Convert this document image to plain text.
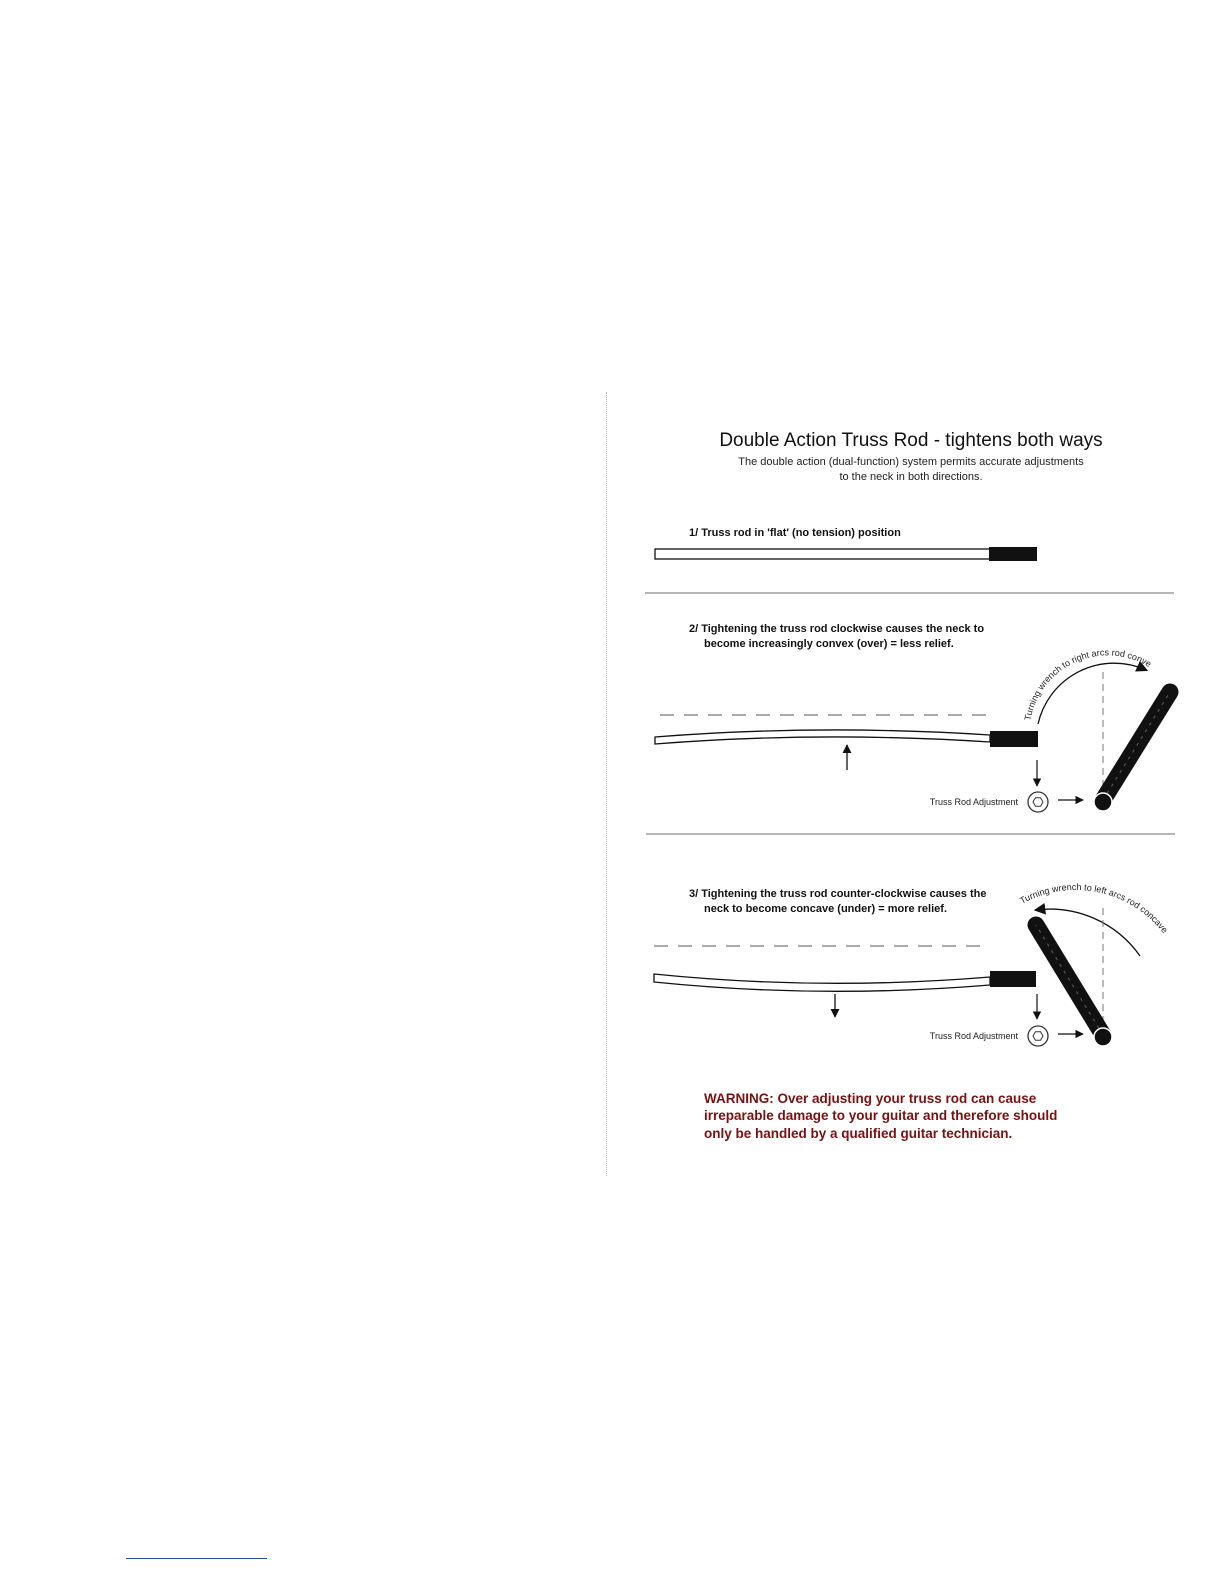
Double Action Truss Rod - tightens both ways
The double action (dual-function) system permits accurate adjustments
to the neck in both directions.
1/ Truss rod in 'flat' (no tension) position
2/ Tightening the truss rod clockwise causes the neck to
become increasingly convex (over) = less relief.
Turning wrench to right arcs rod conve
Truss Rod Adjustment
3/ Tightening the truss rod counter-clockwise causes the
neck to become concave (under) = more relief.
Turning wrench to left arcs rod concave
Truss Rod Adjustment
WARNING: Over adjusting your truss rod can cause
irreparable damage to your guitar and therefore should
only be handled by a qualified guitar technician.
